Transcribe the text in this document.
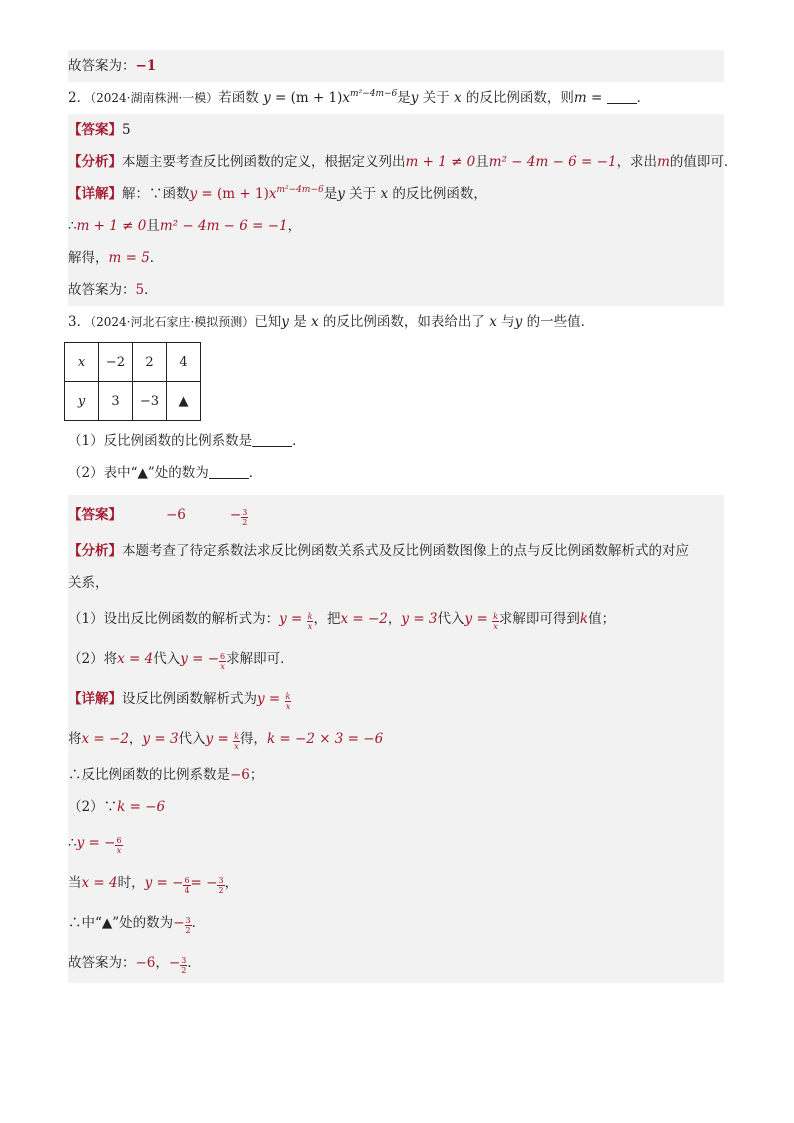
故答案为：−1
2．（2024·湖南株洲·一模）若函数 $y = (m + 1)x^{m^2-4m-6}$是y 关于 x 的反比例函数，则m =	．
【答案】5
【分析】本题主要考查反比例函数的定义，根据定义列出m + 1 ≠ 0且m² − 4m − 6 = −1，求出m的值即可．
【详解】解：∵函数$y = (m + 1)x^{m^2-4m-6}$是y 关于 x 的反比例函数，
∴m + 1 ≠ 0且m² − 4m − 6 = −1，
解得，m = 5．
故答案为：5．
3．（2024·河北石家庄·模拟预测）已知y 是 x 的反比例函数，如表给出了 x 与y 的一些值．
x	−2	2	4
y	3	−3	▲
（1）反比例函数的比例系数是	．
（2）表中“▲”处的数为	．
【答案】	−6	− $\frac{3}{2}$
【分析】本题考查了待定系数法求反比例函数关系式及反比例函数图像上的点与反比例函数解析式的对应
关系，
（1）设出反比例函数的解析式为：$y = \frac{k}{x}$ ，把x = −2，y = 3代入$y = \frac{k}{x}$ 求解即可得到k值；
（2）将x = 4代入y = − $\frac{6}{x}$ 求解即可．
【详解】设反比例函数解析式为$y = \frac{k}{x}$
将x = −2，y = 3代入$y = \frac{k}{x}$ 得，k = −2 × 3 = −6
∴反比例函数的比例系数是−6；
（2）∵k = −6
∴y = − $\frac{6}{x}$
当x = 4时，y = − $\frac{6}{4}$ = − $\frac{3}{2}$ ，
∴中“▲”处的数为− $\frac{3}{2}$ ．
故答案为：−6，− $\frac{3}{2}$ ．
